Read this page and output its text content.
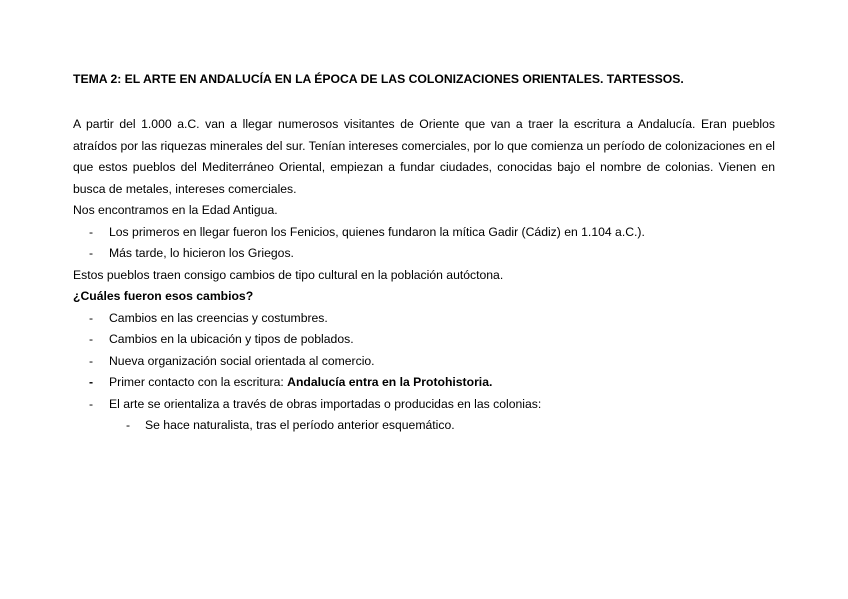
TEMA 2: EL ARTE EN ANDALUCÍA EN LA ÉPOCA DE LAS COLONIZACIONES ORIENTALES. TARTESSOS.

A partir del 1.000 a.C. van a llegar numerosos visitantes de Oriente que van a traer la escritura a Andalucía. Eran pueblos atraídos por las riquezas minerales del sur. Tenían intereses comerciales, por lo que comienza un período de colonizaciones en el que estos pueblos del Mediterráneo Oriental, empiezan a fundar ciudades, conocidas bajo el nombre de colonias. Vienen en busca de metales, intereses comerciales.

Nos encontramos en la Edad Antigua.

- Los primeros en llegar fueron los Fenicios, quienes fundaron la mítica Gadir (Cádiz) en 1.104 a.C.).
- Más tarde, lo hicieron los Griegos.

Estos pueblos traen consigo cambios de tipo cultural en la población autóctona.

¿Cuáles fueron esos cambios?

- Cambios en las creencias y costumbres.
- Cambios en la ubicación y tipos de poblados.
- Nueva organización social orientada al comercio.
- Primer contacto con la escritura: Andalucía entra en la Protohistoria.
- El arte se orientaliza a través de obras importadas o producidas en las colonias:
- Se hace naturalista, tras el período anterior esquemático.
